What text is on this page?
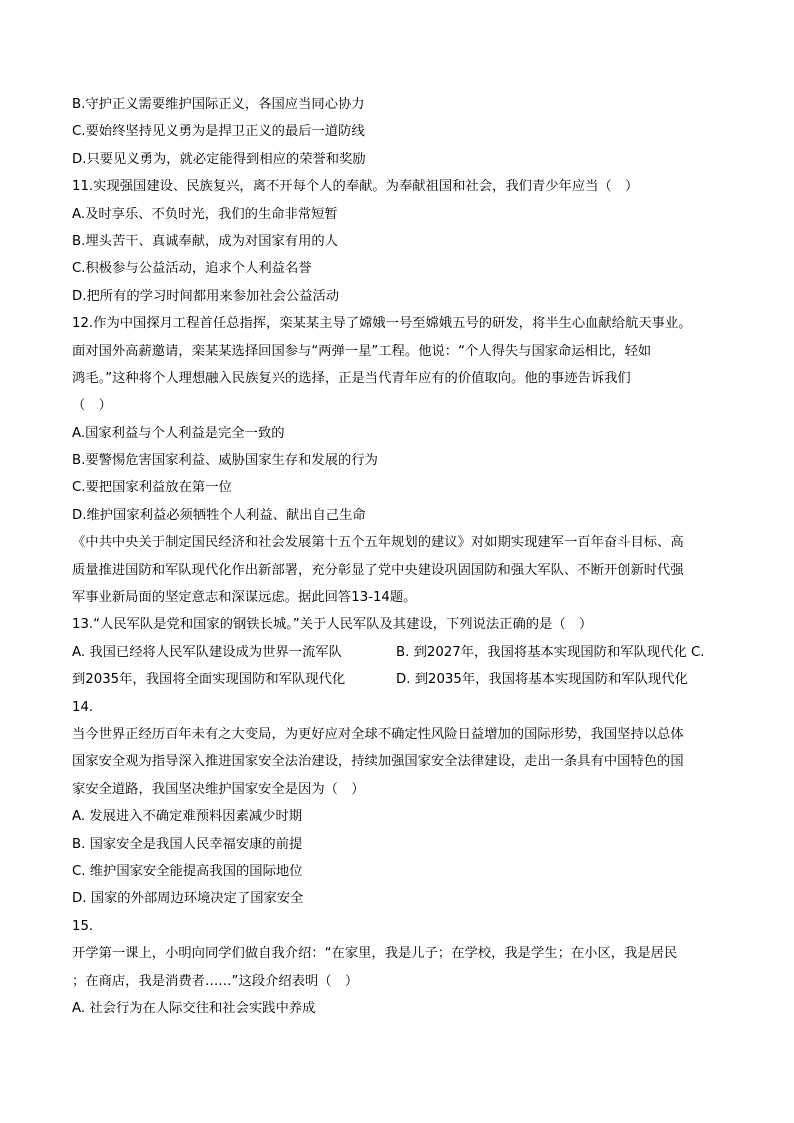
B.守护正义需要维护国际正义，各国应当同心协力
C.要始终坚持见义勇为是捍卫正义的最后一道防线
D.只要见义勇为，就必定能得到相应的荣誉和奖励
11.实现强国建设、民族复兴，离不开每个人的奉献。为奉献祖国和社会，我们青少年应当（　）
A.及时享乐、不负时光，我们的生命非常短暂
B.埋头苦干、真诚奉献，成为对国家有用的人
C.积极参与公益活动，追求个人利益名誉
D.把所有的学习时间都用来参加社会公益活动
12.作为中国探月工程首任总指挥，栾某某主导了嫦娥一号至嫦娥五号的研发，将半生心血献给航天事业。
面对国外高薪邀请，栾某某选择回国参与“两弹一星”工程。他说：“个人得失与国家命运相比，轻如
鸿毛。”这种将个人理想融入民族复兴的选择，正是当代青年应有的价值取向。他的事迹告诉我们
（　）
A.国家利益与个人利益是完全一致的
B.要警惕危害国家利益、威胁国家生存和发展的行为
C.要把国家利益放在第一位
D.维护国家利益必须牺牲个人利益、献出自己生命
《中共中央关于制定国民经济和社会发展第十五个五年规划的建议》对如期实现建军一百年奋斗目标、高
质量推进国防和军队现代化作出新部署，充分彰显了党中央建设巩固国防和强大军队、不断开创新时代强
军事业新局面的坚定意志和深谋远虑。据此回答13-14题。
13.“人民军队是党和国家的钢铁长城。”关于人民军队及其建设，下列说法正确的是（　）
A. 我国已经将人民军队建设成为世界一流军队	B. 到2027年，我国将基本实现国防和军队现代化 C.
到2035年，我国将全面实现国防和军队现代化	D. 到2035年，我国将基本实现国防和军队现代化
14.
当今世界正经历百年未有之大变局，为更好应对全球不确定性风险日益增加的国际形势，我国坚持以总体
国家安全观为指导深入推进国家安全法治建设，持续加强国家安全法律建设，走出一条具有中国特色的国
家安全道路，我国坚决维护国家安全是因为（　）
A. 发展进入不确定难预料因素减少时期
B. 国家安全是我国人民幸福安康的前提
C. 维护国家安全能提高我国的国际地位
D. 国家的外部周边环境决定了国家安全
15.
开学第一课上，小明向同学们做自我介绍：“在家里，我是儿子；在学校，我是学生；在小区，我是居民
；在商店，我是消费者……”这段介绍表明（　）
A. 社会行为在人际交往和社会实践中养成
